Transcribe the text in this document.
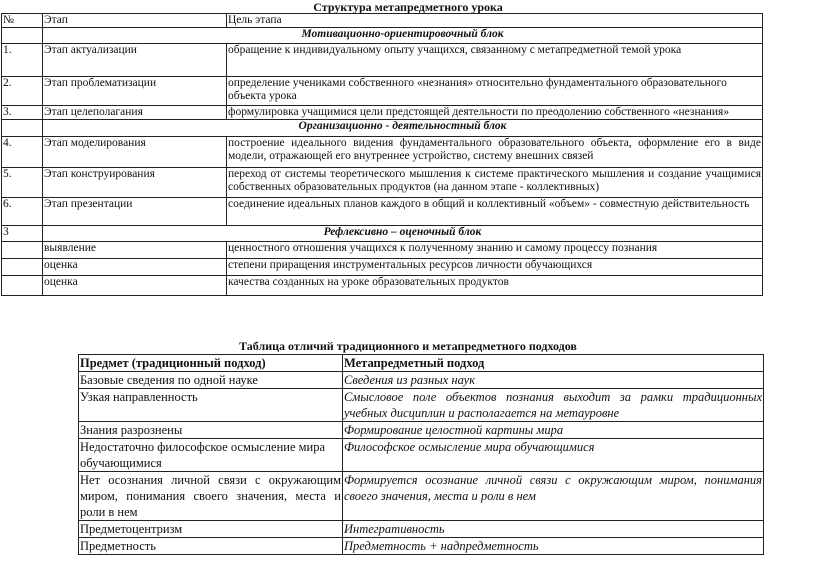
Структура метапредметного урока
№	Этап	Цель этапа
	Мотивационно-ориентировочный блок	
1.	Этап актуализации	обращение к индивидуальному опыту учащихся, связанному с метапредметной темой урока
2.	Этап проблематизации	определение учениками собственного «незнания» относительно фундаментального образовательного объекта урока
3.	Этап целеполагания	формулировка учащимися цели предстоящей деятельности по преодолению собственного «незнания»
	Организационно - деятельностный блок	
4.	Этап моделирования	построение идеального видения фундаментального образовательного объекта, оформление его в виде модели, отражающей его внутреннее устройство, систему внешних связей
5.	Этап конструирования	переход от системы теоретического мышления к системе практического мышления и создание учащимися собственных образовательных продуктов (на данном этапе - коллективных)
6.	Этап презентации	соединение идеальных планов каждого в общий и коллективный «объем» - совместную действительность
3	Рефлексивно – оценочный блок	
	выявление	ценностного отношения учащихся к полученному знанию и самому процессу познания
	оценка	степени приращения инструментальных ресурсов личности обучающихся
	оценка	качества созданных на уроке образовательных продуктов
Таблица отличий традиционного и метапредметного подходов
Предмет (традиционный подход)	Метапредметный подход
Базовые сведения по одной науке	Сведения из разных наук
Узкая направленность	Смысловое поле объектов познания выходит за рамки традиционных учебных дисциплин и располагается на метауровне
Знания разрознены	Формирование целостной картины мира
Недостаточно философское осмысление мира обучающимися	Философское осмысление мира обучающимися
Нет осознания личной связи с окружающим миром, понимания своего значения, места и роли в нем	Формируется осознание личной связи с окружающим миром, понимания своего значения, места и роли в нем
Предметоцентризм	Интегративность
Предметность	Предметность + надпредметность
